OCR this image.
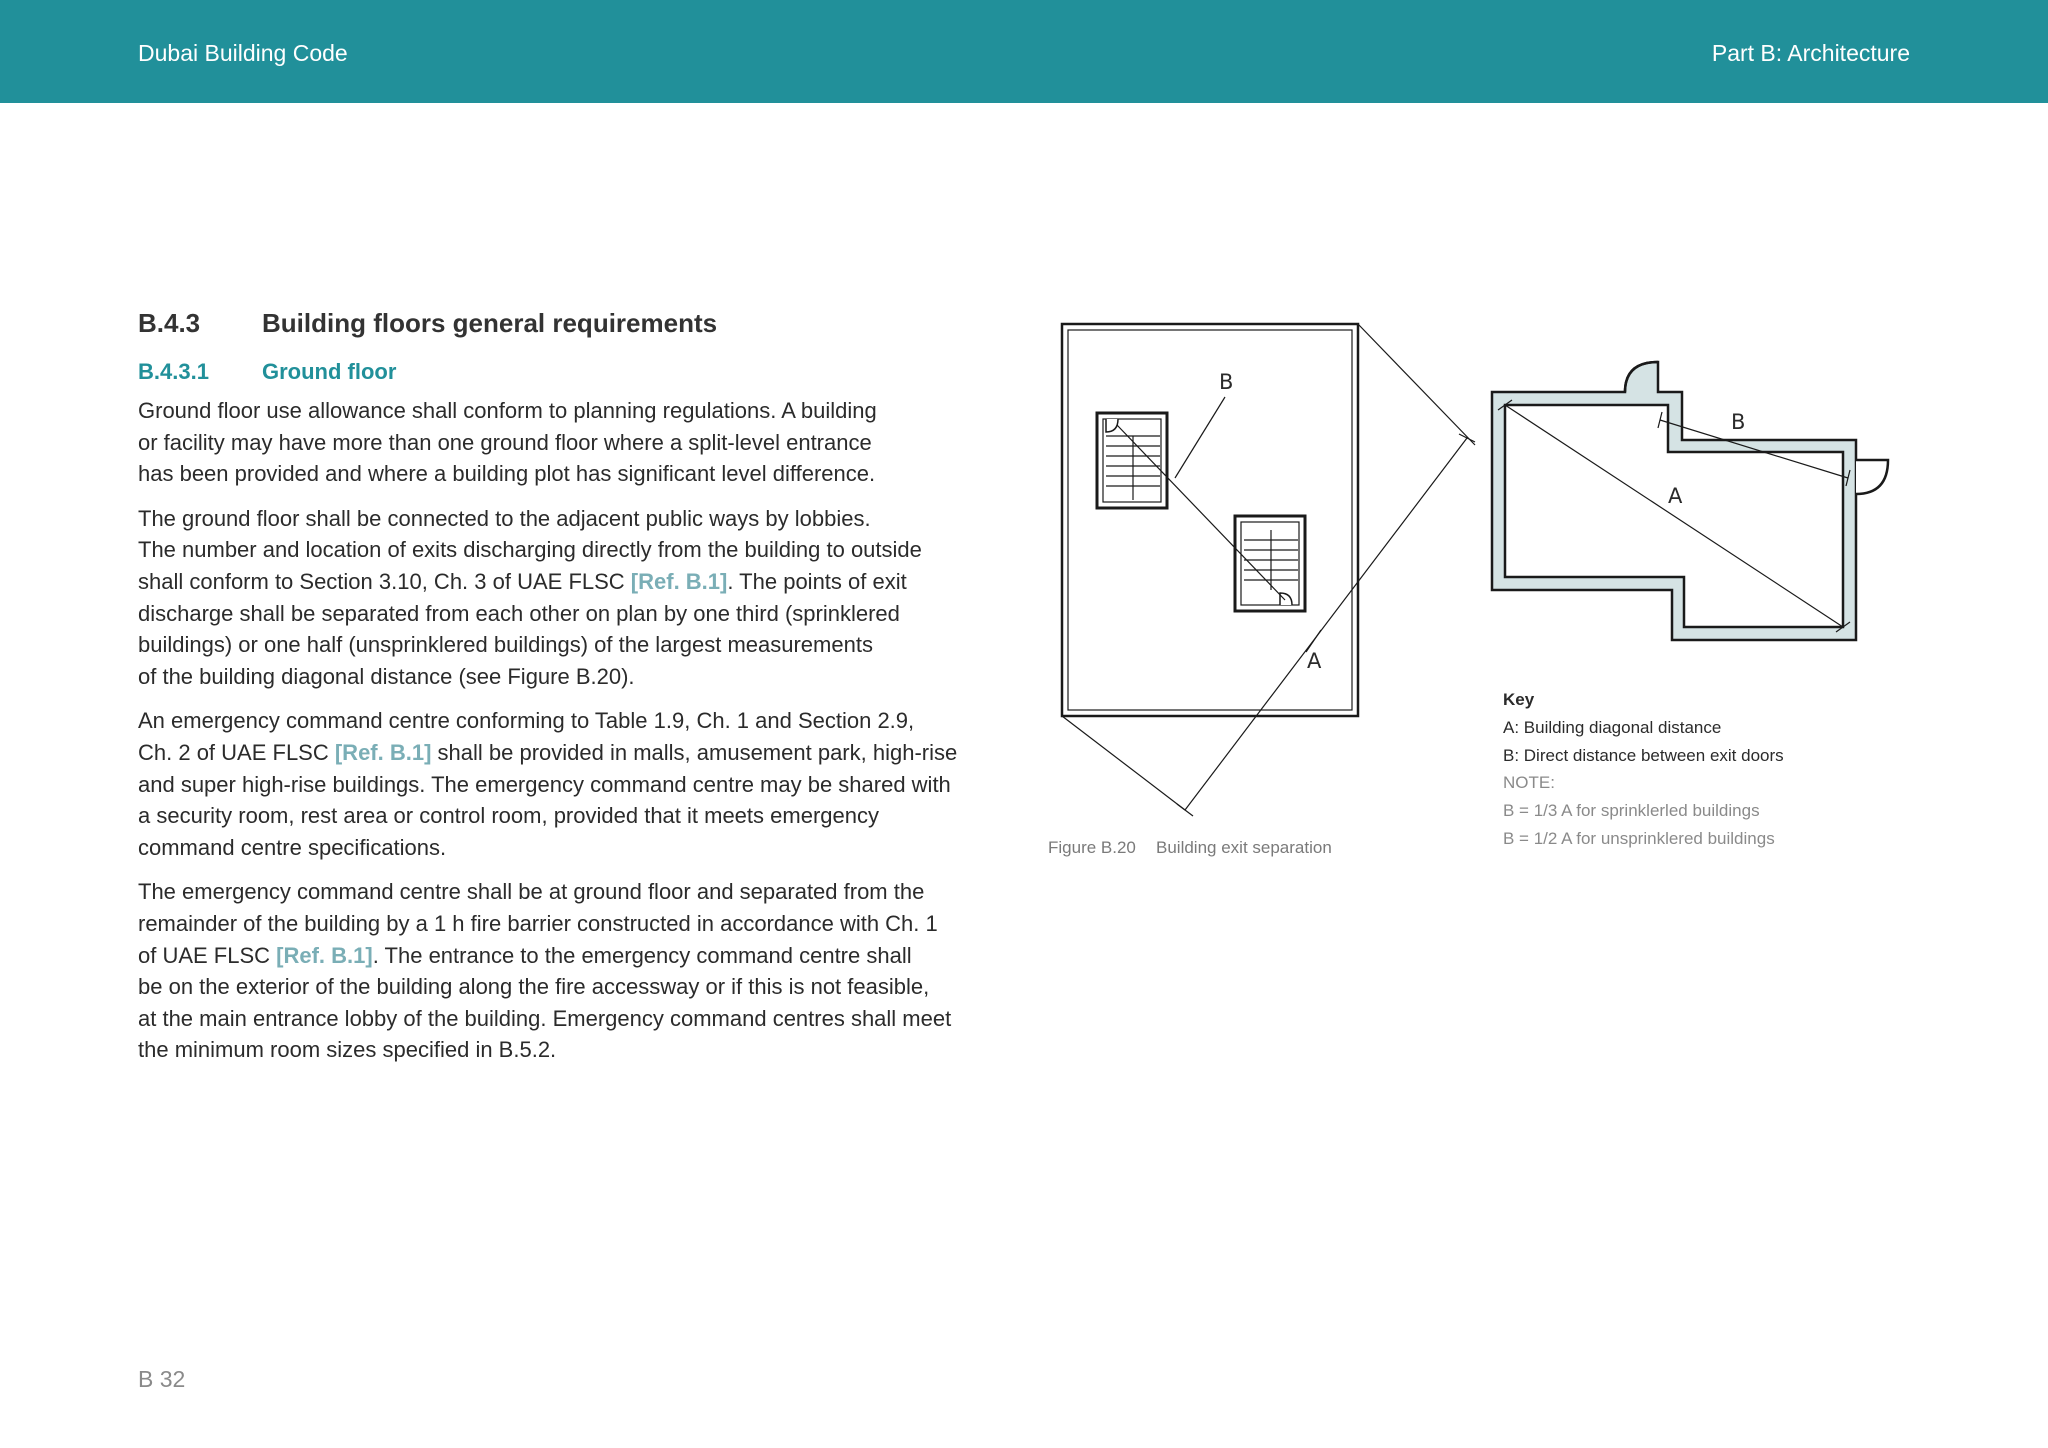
Dubai Building Code	Part B: Architecture
B.4.3	Building floors general requirements
B.4.3.1	Ground floor
Ground floor use allowance shall conform to planning regulations. A building
or facility may have more than one ground floor where a split-level entrance
has been provided and where a building plot has significant level difference.
The ground floor shall be connected to the adjacent public ways by lobbies.
The number and location of exits discharging directly from the building to outside
shall conform to Section 3.10, Ch. 3 of UAE FLSC [Ref. B.1]. The points of exit
discharge shall be separated from each other on plan by one third (sprinklered
buildings) or one half (unsprinklered buildings) of the largest measurements
of the building diagonal distance (see Figure B.20).
An emergency command centre conforming to Table 1.9, Ch. 1 and Section 2.9,
Ch. 2 of UAE FLSC [Ref. B.1] shall be provided in malls, amusement park, high-rise
and super high-rise buildings. The emergency command centre may be shared with
a security room, rest area or control room, provided that it meets emergency
command centre specifications.
The emergency command centre shall be at ground floor and separated from the
remainder of the building by a 1 h fire barrier constructed in accordance with Ch. 1
of UAE FLSC [Ref. B.1]. The entrance to the emergency command centre shall
be on the exterior of the building along the fire accessway or if this is not feasible,
at the main entrance lobby of the building. Emergency command centres shall meet
the minimum room sizes specified in B.5.2.
B
A
B
A
Figure B.20	Building exit separation
Key
A: Building diagonal distance
B: Direct distance between exit doors
NOTE:
B = 1/3 A for sprinklerled buildings
B = 1/2 A for unsprinklered buildings
B 32
